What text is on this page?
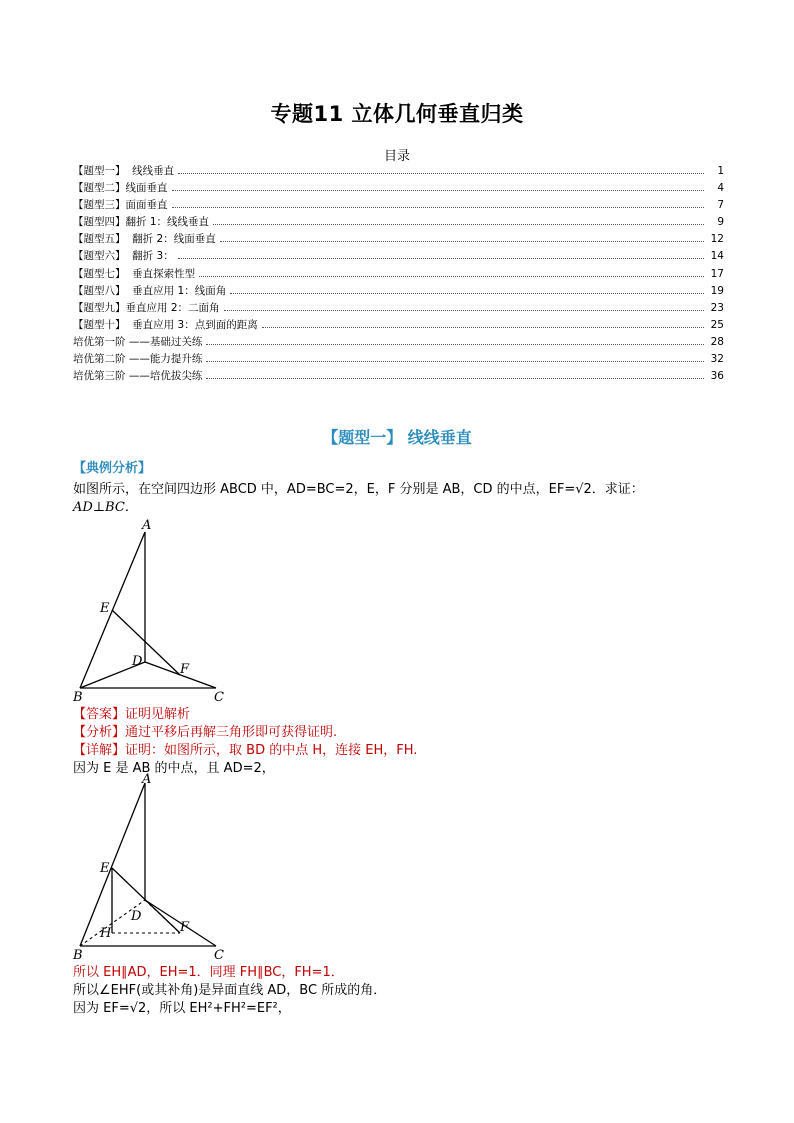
专题11 立体几何垂直归类
目录
【题型一】  线线垂直	1
【题型二】线面垂直	4
【题型三】面面垂直	7
【题型四】翻折 1：线线垂直	9
【题型五】  翻折 2：线面垂直	12
【题型六】  翻折 3：	14
【题型七】  垂直探索性型	17
【题型八】  垂直应用 1：线面角	19
【题型九】垂直应用 2：二面角	23
【题型十】  垂直应用 3：点到面的距离	25
培优第一阶 ——基础过关练	28
培优第二阶 ——能力提升练	32
培优第三阶 ——培优拔尖练	36
【题型一】 线线垂直
【典例分析】
如图所示，在空间四边形 ABCD 中，AD=BC=2，E，F 分别是 AB，CD 的中点，EF=√2．求证：
AD⊥BC．
A
B	C
D
E
F
【答案】证明见解析
【分析】通过平移后再解三角形即可获得证明.
【详解】证明：如图所示，取 BD 的中点 H，连接 EH，FH.
因为 E 是 AB 的中点，且 AD=2，
A
B	C
D
E
F
H
所以 EH∥AD，EH=1．同理 FH∥BC，FH=1．
所以∠EHF(或其补角)是异面直线 AD，BC 所成的角．
因为 EF=√2，所以 EH²+FH²=EF²，
